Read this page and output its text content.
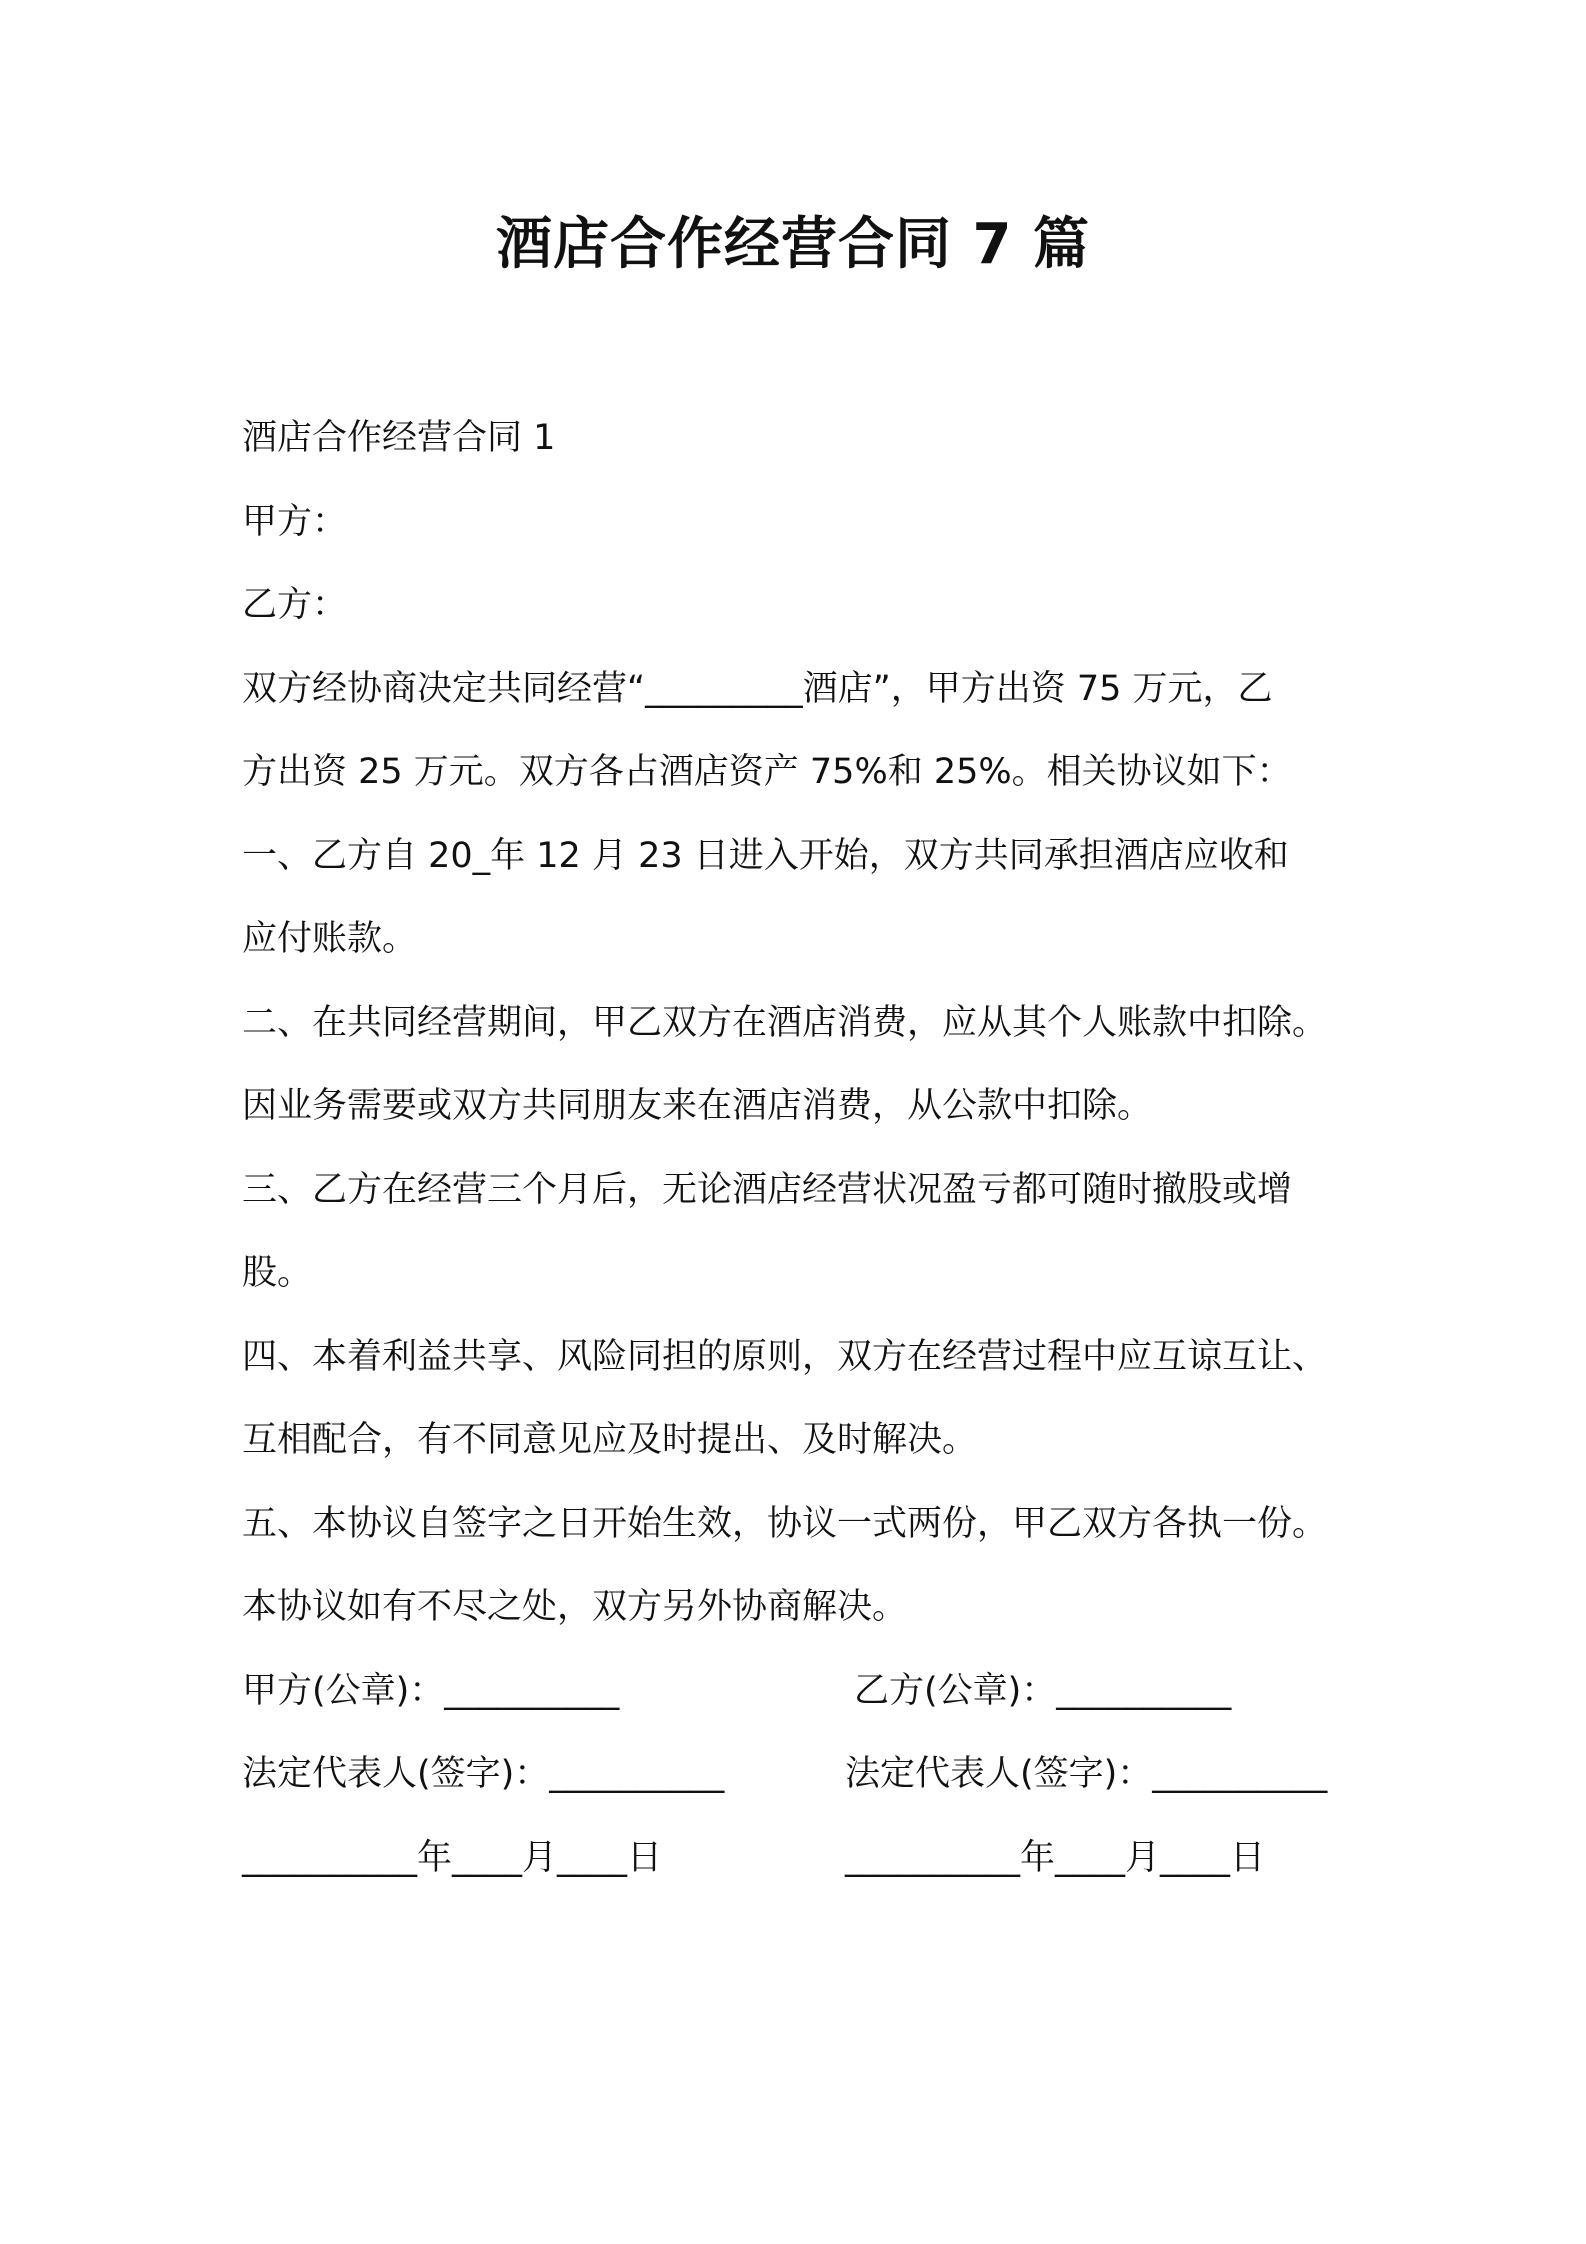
酒店合作经营合同 7 篇
酒店合作经营合同 1
甲方：
乙方：
双方经协商决定共同经营“_________酒店”，甲方出资 75 万元，乙
方出资 25 万元。双方各占酒店资产 75%和 25%。相关协议如下：
一、乙方自 20_年 12 月 23 日进入开始，双方共同承担酒店应收和
应付账款。
二、在共同经营期间，甲乙双方在酒店消费，应从其个人账款中扣除。
因业务需要或双方共同朋友来在酒店消费，从公款中扣除。
三、乙方在经营三个月后，无论酒店经营状况盈亏都可随时撤股或增
股。
四、本着利益共享、风险同担的原则，双方在经营过程中应互谅互让、
互相配合，有不同意见应及时提出、及时解决。
五、本协议自签字之日开始生效，协议一式两份，甲乙双方各执一份。
本协议如有不尽之处，双方另外协商解决。
甲方(公章)：__________	乙方(公章)：__________
法定代表人(签字)：__________	法定代表人(签字)：__________
__________年____月____日	__________年____月____日
